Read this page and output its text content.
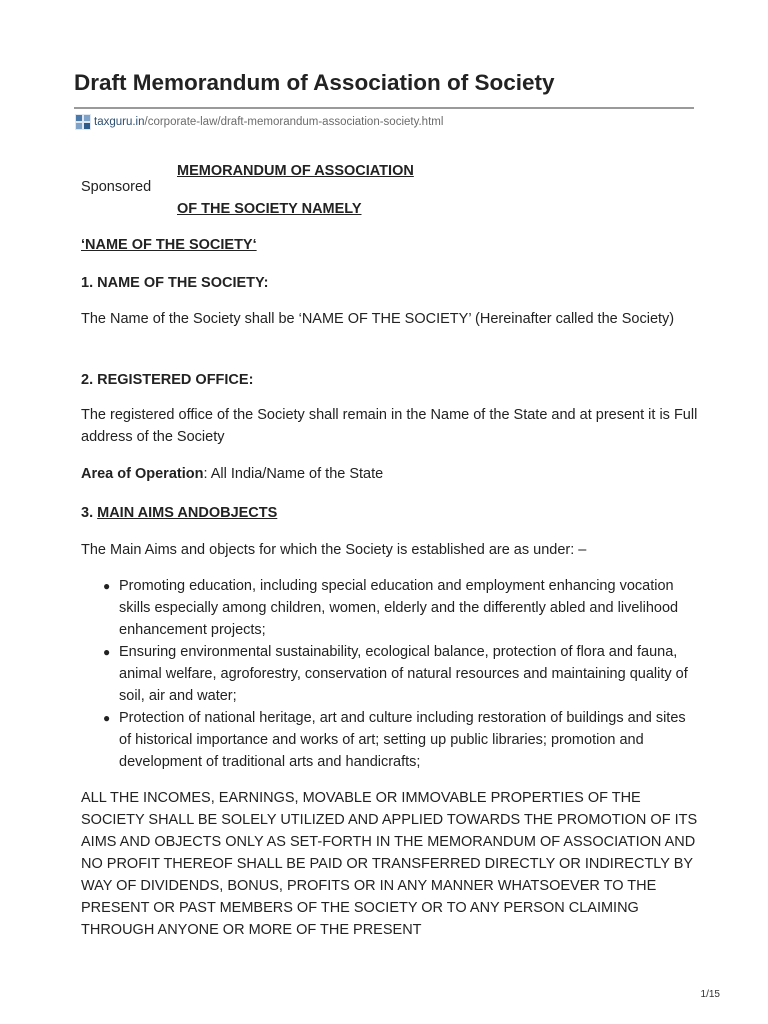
Draft Memorandum of Association of Society
taxguru.in /corporate-law/draft-memorandum-association-society.html
Sponsored
MEMORANDUM OF ASSOCIATION
OF THE SOCIETY NAMELY
‘NAME OF THE SOCIETY‘
1. NAME OF THE SOCIETY:
The Name of the Society shall be ‘NAME OF THE SOCIETY’ (Hereinafter called the Society)
2. REGISTERED OFFICE:
The registered office of the Society shall remain in the Name of the State and at present it is Full address of the Society
Area of Operation: All India/Name of the State
3. MAIN AIMS ANDOBJECTS
The Main Aims and objects for which the Society is established are as under: –
● Promoting education, including special education and employment enhancing vocation skills especially among children, women, elderly and the differently abled and livelihood enhancement projects;
● Ensuring environmental sustainability, ecological balance, protection of flora and fauna, animal welfare, agroforestry, conservation of natural resources and maintaining quality of soil, air and water;
● Protection of national heritage, art and culture including restoration of buildings and sites of historical importance and works of art; setting up public libraries; promotion and development of traditional arts and handicrafts;
ALL THE INCOMES, EARNINGS, MOVABLE OR IMMOVABLE PROPERTIES OF THE SOCIETY SHALL BE SOLELY UTILIZED AND APPLIED TOWARDS THE PROMOTION OF ITS AIMS AND OBJECTS ONLY AS SET-FORTH IN THE MEMORANDUM OF ASSOCIATION AND NO PROFIT THEREOF SHALL BE PAID OR TRANSFERRED DIRECTLY OR INDIRECTLY BY WAY OF DIVIDENDS, BONUS, PROFITS OR IN ANY MANNER WHATSOEVER TO THE PRESENT OR PAST MEMBERS OF THE SOCIETY OR TO ANY PERSON CLAIMING THROUGH ANYONE OR MORE OF THE PRESENT
1/15
